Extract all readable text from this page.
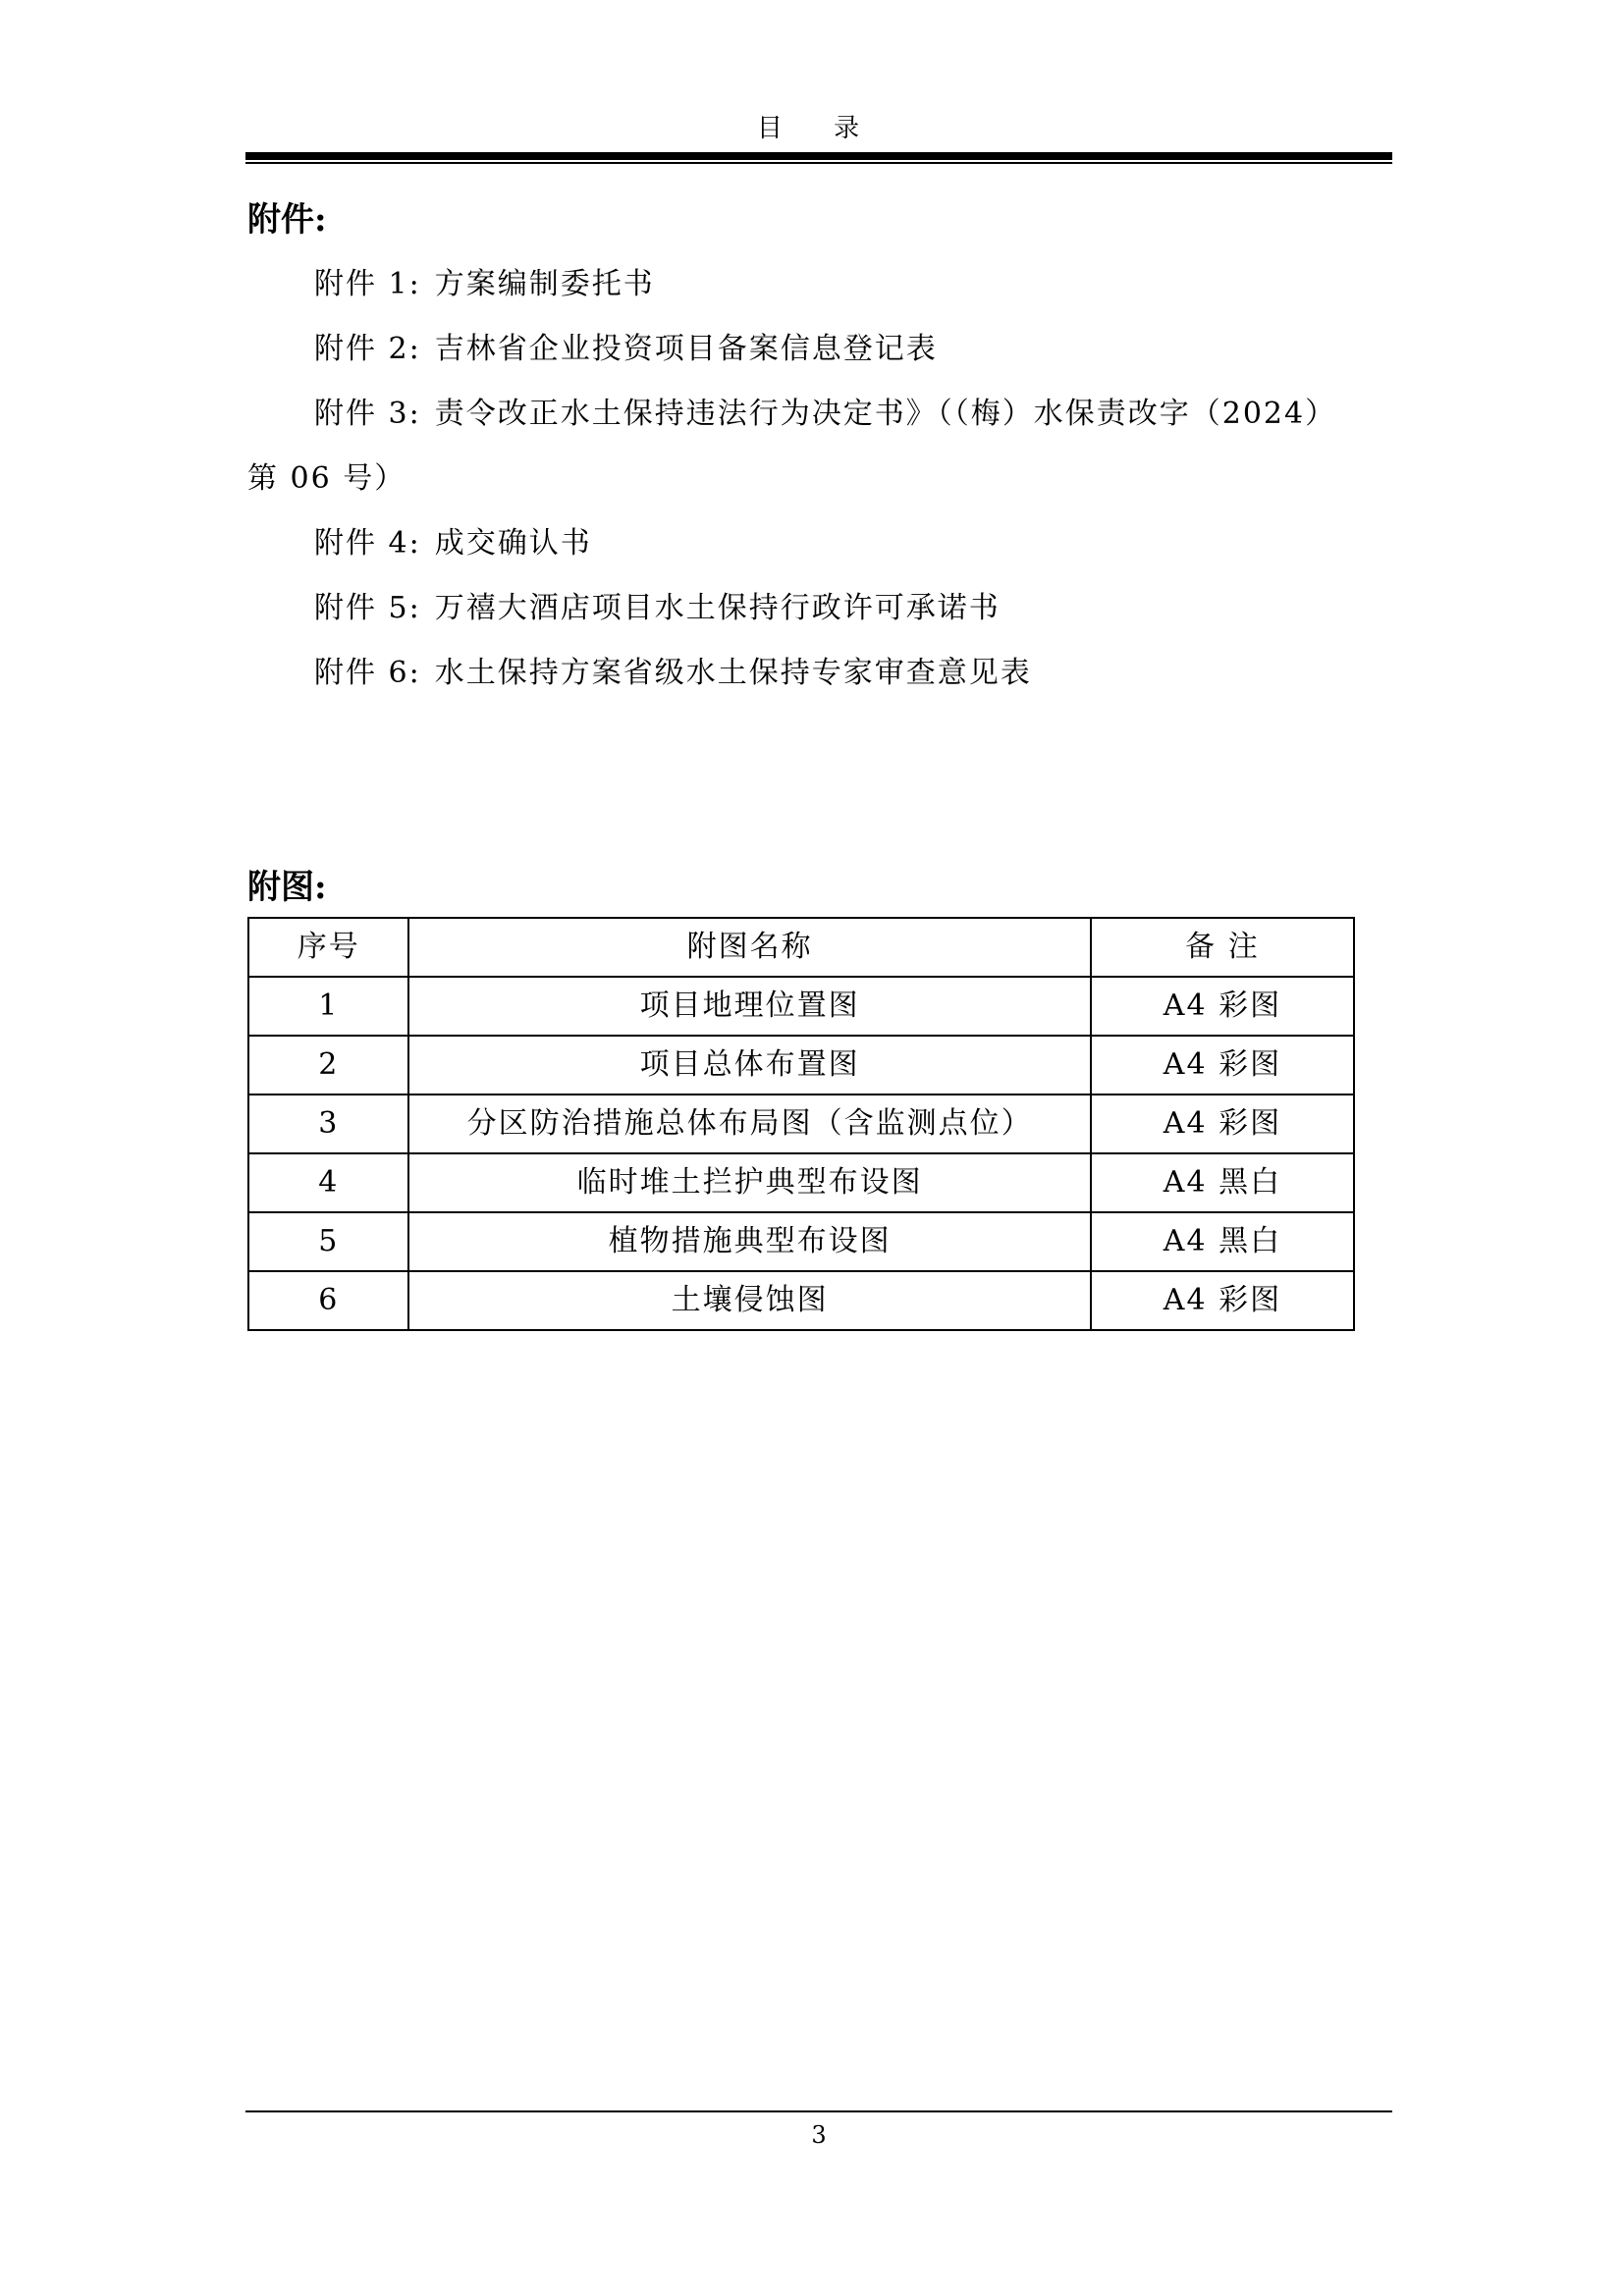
目 录
附件:
附件 1: 方案编制委托书
附件 2: 吉林省企业投资项目备案信息登记表
附件 3: 责令改正水土保持违法行为决定书》（（梅）水保责改字（2024）
第 06 号）
附件 4: 成交确认书
附件 5: 万禧大酒店项目水土保持行政许可承诺书
附件 6: 水土保持方案省级水土保持专家审查意见表
附图:
序号	附图名称	备 注
1	项目地理位置图	A4 彩图
2	项目总体布置图	A4 彩图
3	分区防治措施总体布局图（含监测点位）	A4 彩图
4	临时堆土拦护典型布设图	A4 黑白
5	植物措施典型布设图	A4 黑白
6	土壤侵蚀图	A4 彩图
3
